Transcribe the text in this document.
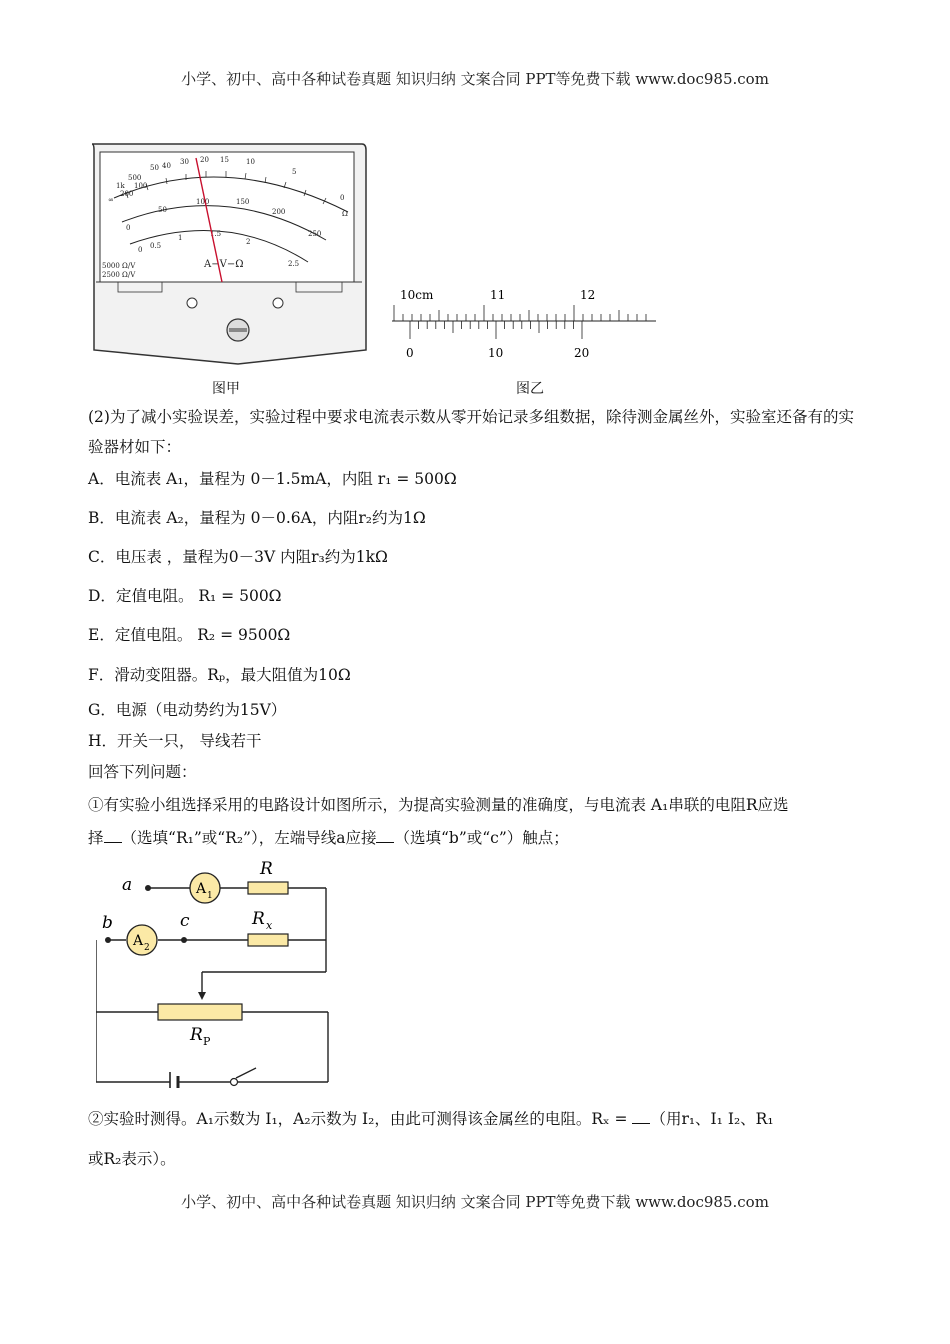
小学、初中、高中各种试卷真题 知识归纳 文案合同 PPT等免费下载 www.doc985.com
∞
1k
500
200
100
50 40 30 20 15 10
5
0
Ω
100
50
0
150
200
250
0 0.5
1	1.5
2
2.5
5000 Ω/V
2500 Ω/V
A−V−Ω
图甲
10cm	11	12
0	10	20
图乙
(2)为了减小实验误差，实验过程中要求电流表示数从零开始记录多组数据，除待测金属丝外，实验室还备有的实验器材如下：
A．电流表 A₁，量程为 0－1.5mA，内阻 r₁ = 500Ω
B．电流表 A₂，量程为 0－0.6A，内阻r₂约为1Ω
C．电压表 ，量程为0－3V 内阻r₃约为1kΩ
D．定值电阻。 R₁ = 500Ω
E．定值电阻。 R₂ = 9500Ω
F．滑动变阻器。Rₚ，最大阻值为10Ω
G．电源（电动势约为15V）
H．开关一只， 导线若干
回答下列问题：
①有实验小组选择采用的电路设计如图所示，为提高实验测量的准确度，与电流表 A₁串联的电阻R应选
择 （选填“R₁”或“R₂”），左端导线a应接 （选填“b”或“c”）触点；
a
b	c
R
R x
R P
A 1
A 2
②实验时测得。A₁示数为 I₁，A₂示数为 I₂，由此可测得该金属丝的电阻。Rₓ = （用r₁、I₁ I₂、R₁
或R₂表示）。
小学、初中、高中各种试卷真题 知识归纳 文案合同 PPT等免费下载 www.doc985.com
